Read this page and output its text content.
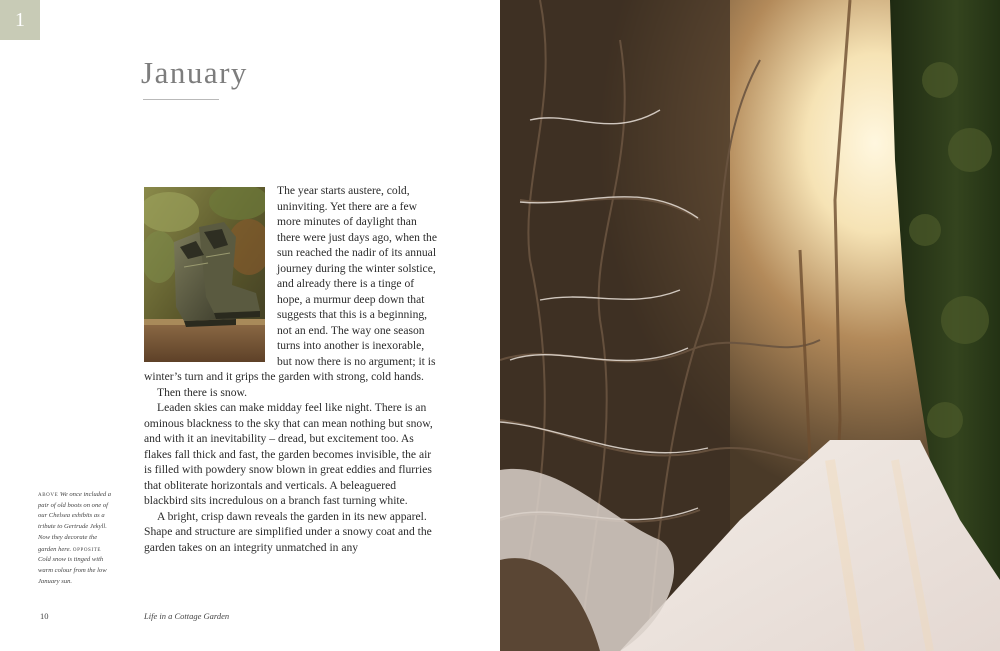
1
January

The year starts austere, cold, uninviting. Yet there are a few more minutes of daylight than there were just days ago, when the sun reached the nadir of its annual journey during the winter solstice, and already there is a tinge of hope, a murmur deep down that suggests that this is a beginning, not an end. The way one season turns into another is inexorable, but now there is no argument; it is winter’s turn and it grips the garden with strong, cold hands.

Then there is snow.

Leaden skies can make midday feel like night. There is an ominous blackness to the sky that can mean nothing but snow, and with it an inevitability – dread, but excitement too. As flakes fall thick and fast, the garden becomes invisible, the air is filled with powdery snow blown in great eddies and flurries that obliterate horizontals and verticals. A beleaguered blackbird sits incredulous on a branch fast turning white.

A bright, crisp dawn reveals the garden in its new apparel. Shape and structure are simplified under a snowy coat and the garden takes on an integrity unmatched in any

above We once included a pair of old boots on one of our Chelsea exhibits as a tribute to Gertrude Jekyll. Now they decorate the garden here. opposite Cold snow is tinged with warm colour from the low January sun.
10	Life in a Cottage Garden
